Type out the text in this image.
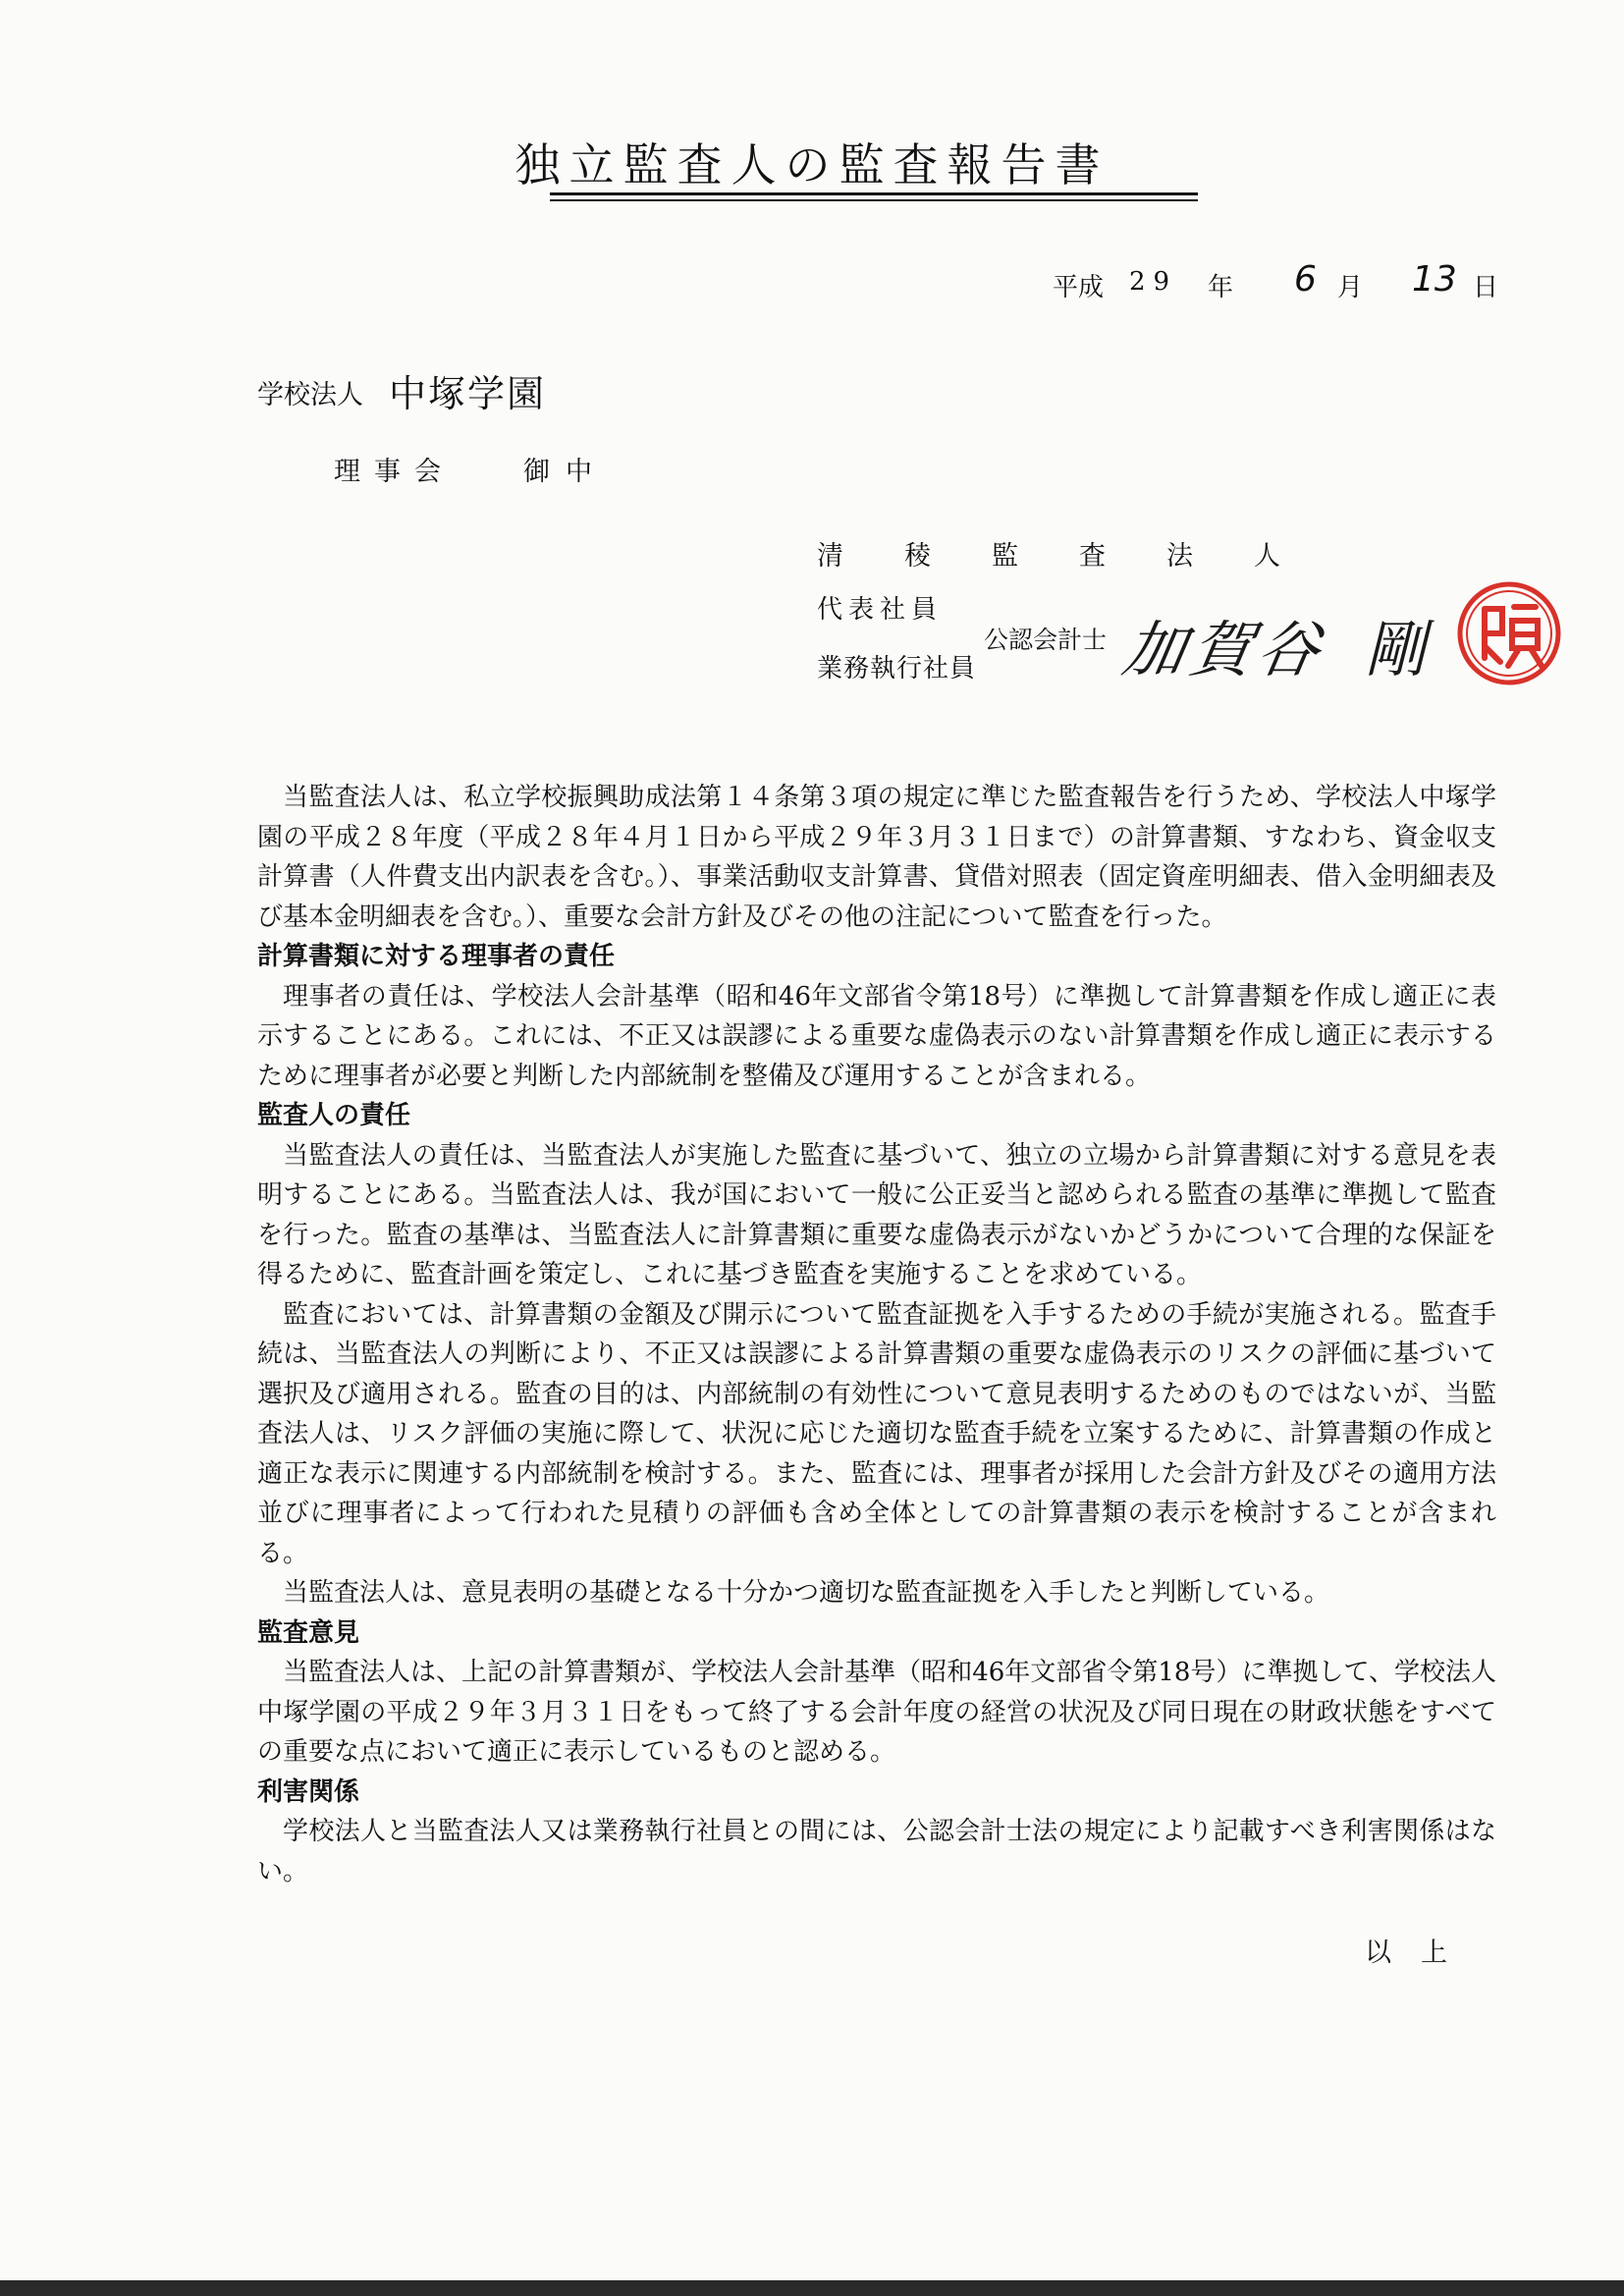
独立監査人の監査報告書
平成 29 年 6 月 13 日
学校法人 中塚学園
理事会	御中
清稜監査法人
代表社員
業務執行社員
公認会計士 加賀谷 剛

当監査法人は、私立学校振興助成法第１４条第３項の規定に準じた監査報告を行うため、学校法人中塚学園の平成２８年度（平成２８年４月１日から平成２９年３月３１日まで）の計算書類、すなわち、資金収支計算書（人件費支出内訳表を含む。）、事業活動収支計算書、貸借対照表（固定資産明細表、借入金明細表及び基本金明細表を含む。）、重要な会計方針及びその他の注記について監査を行った。

計算書類に対する理事者の責任

理事者の責任は、学校法人会計基準（昭和46年文部省令第18号）に準拠して計算書類を作成し適正に表示することにある。これには、不正又は誤謬による重要な虚偽表示のない計算書類を作成し適正に表示するために理事者が必要と判断した内部統制を整備及び運用することが含まれる。

監査人の責任

当監査法人の責任は、当監査法人が実施した監査に基づいて、独立の立場から計算書類に対する意見を表明することにある。当監査法人は、我が国において一般に公正妥当と認められる監査の基準に準拠して監査を行った。監査の基準は、当監査法人に計算書類に重要な虚偽表示がないかどうかについて合理的な保証を得るために、監査計画を策定し、これに基づき監査を実施することを求めている。

監査においては、計算書類の金額及び開示について監査証拠を入手するための手続が実施される。監査手続は、当監査法人の判断により、不正又は誤謬による計算書類の重要な虚偽表示のリスクの評価に基づいて選択及び適用される。監査の目的は、内部統制の有効性について意見表明するためのものではないが、当監査法人は、リスク評価の実施に際して、状況に応じた適切な監査手続を立案するために、計算書類の作成と適正な表示に関連する内部統制を検討する。また、監査には、理事者が採用した会計方針及びその適用方法並びに理事者によって行われた見積りの評価も含め全体としての計算書類の表示を検討することが含まれる。

当監査法人は、意見表明の基礎となる十分かつ適切な監査証拠を入手したと判断している。

監査意見

当監査法人は、上記の計算書類が、学校法人会計基準（昭和46年文部省令第18号）に準拠して、学校法人中塚学園の平成２９年３月３１日をもって終了する会計年度の経営の状況及び同日現在の財政状態をすべての重要な点において適正に表示しているものと認める。

利害関係

学校法人と当監査法人又は業務執行社員との間には、公認会計士法の規定により記載すべき利害関係はない。

以上
